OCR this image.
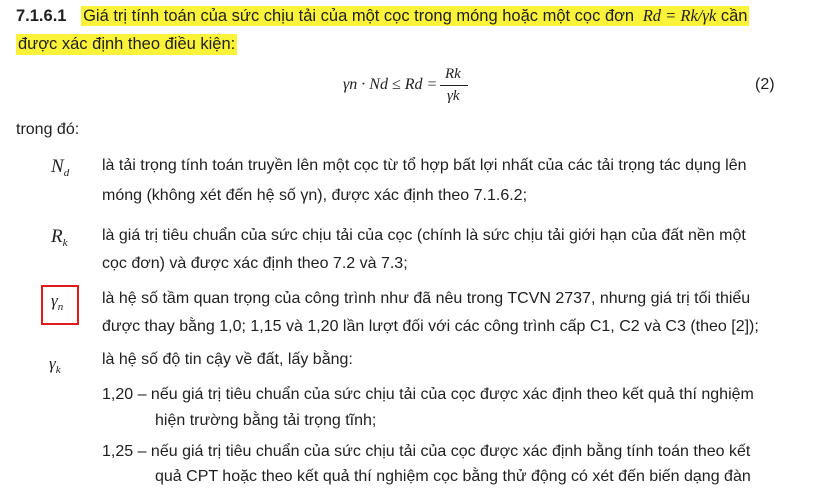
7.1.6.1 Giá trị tính toán của sức chịu tải của một cọc trong móng hoặc một cọc đơn Rd = Rk/γk cần
được xác định theo điều kiện:
γn · Nd ≤ Rd =
Rk
γk
(2)
trong đó:
$N_d$ là tải trọng tính toán truyền lên một cọc từ tổ hợp bất lợi nhất của các tải trọng tác dụng lên
móng (không xét đến hệ số γn), được xác định theo 7.1.6.2;
$R_k$ là giá trị tiêu chuẩn của sức chịu tải của cọc (chính là sức chịu tải giới hạn của đất nền một
cọc đơn) và được xác định theo 7.2 và 7.3;
$\gamma_n$ là hệ số tầm quan trọng của công trình như đã nêu trong TCVN 2737, nhưng giá trị tối thiểu
được thay bằng 1,0; 1,15 và 1,20 lần lượt đối với các công trình cấp C1, C2 và C3 (theo [2]);
$\gamma_k$
là hệ số độ tin cậy về đất, lấy bằng:
1,20 – nếu giá trị tiêu chuẩn của sức chịu tải của cọc được xác định theo kết quả thí nghiệm
hiện trường bằng tải trọng tĩnh;
1,25 – nếu giá trị tiêu chuẩn của sức chịu tải của cọc được xác định bằng tính toán theo kết
quả CPT hoặc theo kết quả thí nghiệm cọc bằng thử động có xét đến biến dạng đàn
